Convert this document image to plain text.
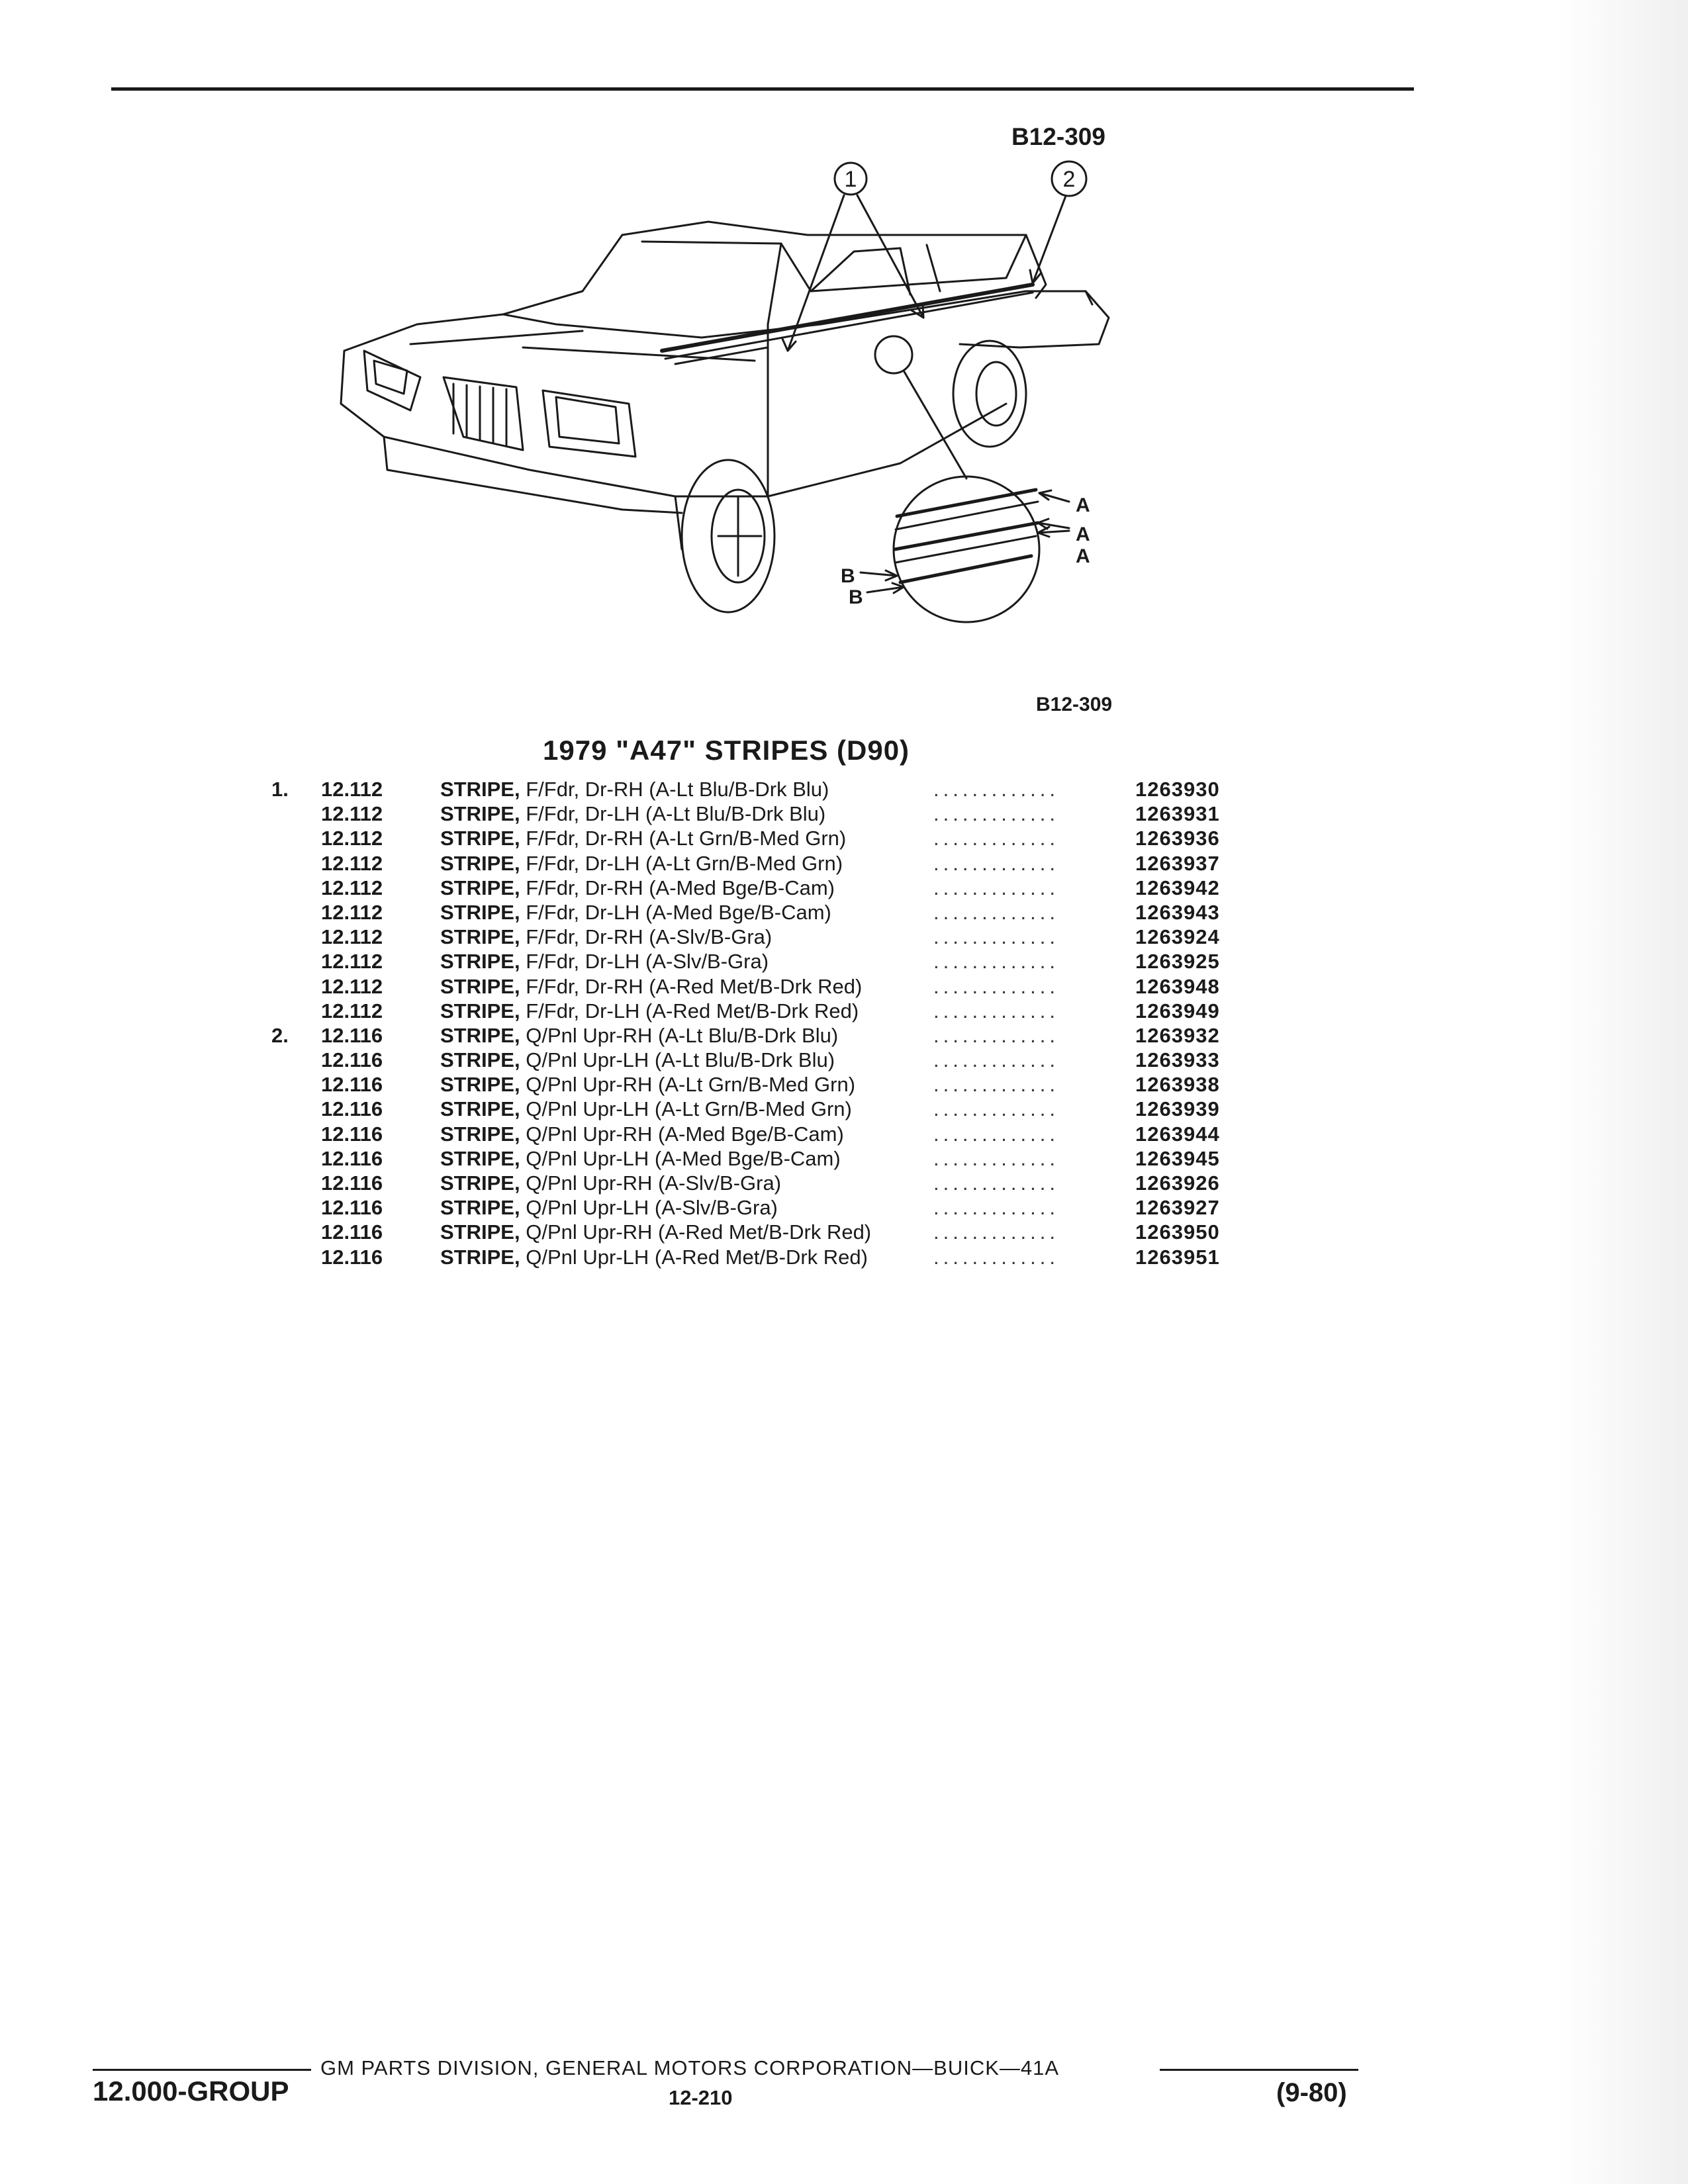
B12-309
1	2
A
A
A
B
B
B12-309
1979 "A47" STRIPES (D90)
1. 12.112	STRIPE, F/Fdr, Dr-RH (A-Lt Blu/B-Drk Blu)	.............	1263930
12.112	STRIPE, F/Fdr, Dr-LH (A-Lt Blu/B-Drk Blu)	.............	1263931
12.112	STRIPE, F/Fdr, Dr-RH (A-Lt Grn/B-Med Grn)	.............	1263936
12.112	STRIPE, F/Fdr, Dr-LH (A-Lt Grn/B-Med Grn)	.............	1263937
12.112	STRIPE, F/Fdr, Dr-RH (A-Med Bge/B-Cam)	.............	1263942
12.112	STRIPE, F/Fdr, Dr-LH (A-Med Bge/B-Cam)	.............	1263943
12.112	STRIPE, F/Fdr, Dr-RH (A-Slv/B-Gra)	.............	1263924
12.112	STRIPE, F/Fdr, Dr-LH (A-Slv/B-Gra)	.............	1263925
12.112	STRIPE, F/Fdr, Dr-RH (A-Red Met/B-Drk Red)	.............	1263948
12.112	STRIPE, F/Fdr, Dr-LH (A-Red Met/B-Drk Red)	.............	1263949
2. 12.116	STRIPE, Q/Pnl Upr-RH (A-Lt Blu/B-Drk Blu)	.............	1263932
12.116	STRIPE, Q/Pnl Upr-LH (A-Lt Blu/B-Drk Blu)	.............	1263933
12.116	STRIPE, Q/Pnl Upr-RH (A-Lt Grn/B-Med Grn)	.............	1263938
12.116	STRIPE, Q/Pnl Upr-LH (A-Lt Grn/B-Med Grn)	.............	1263939
12.116	STRIPE, Q/Pnl Upr-RH (A-Med Bge/B-Cam)	.............	1263944
12.116	STRIPE, Q/Pnl Upr-LH (A-Med Bge/B-Cam)	.............	1263945
12.116	STRIPE, Q/Pnl Upr-RH (A-Slv/B-Gra)	.............	1263926
12.116	STRIPE, Q/Pnl Upr-LH (A-Slv/B-Gra)	.............	1263927
12.116	STRIPE, Q/Pnl Upr-RH (A-Red Met/B-Drk Red)	.............	1263950
12.116	STRIPE, Q/Pnl Upr-LH (A-Red Met/B-Drk Red)	.............	1263951
GM PARTS DIVISION, GENERAL MOTORS CORPORATION—BUICK—41A
12.000-GROUP	12-210	(9-80)
